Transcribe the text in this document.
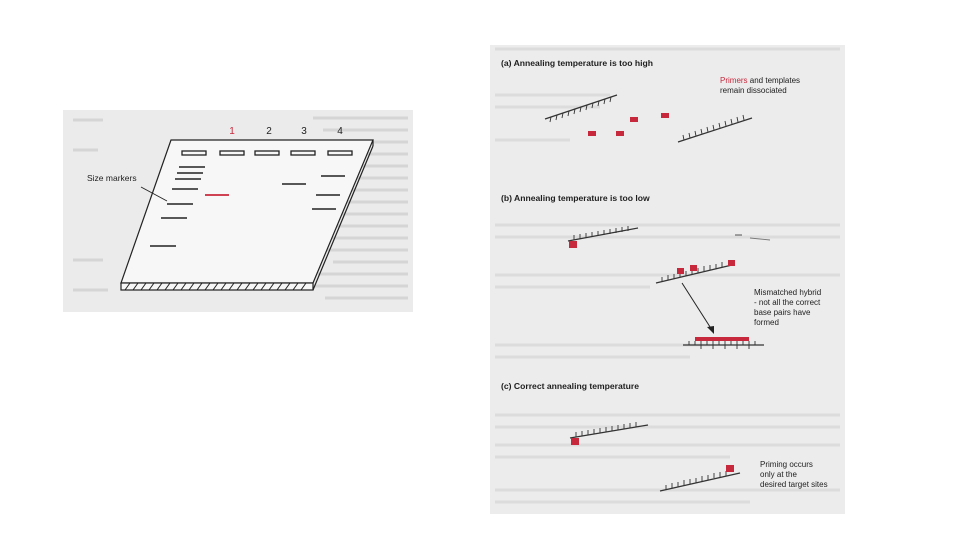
1	2	3	4
Size markers
(a) Annealing temperature is too high
Primers and templates
remain dissociated
(b) Annealing temperature is too low
Mismatched hybrid
- not all the correct
base pairs have
formed
(c) Correct annealing temperature
Priming occurs
only at the
desired target sites
